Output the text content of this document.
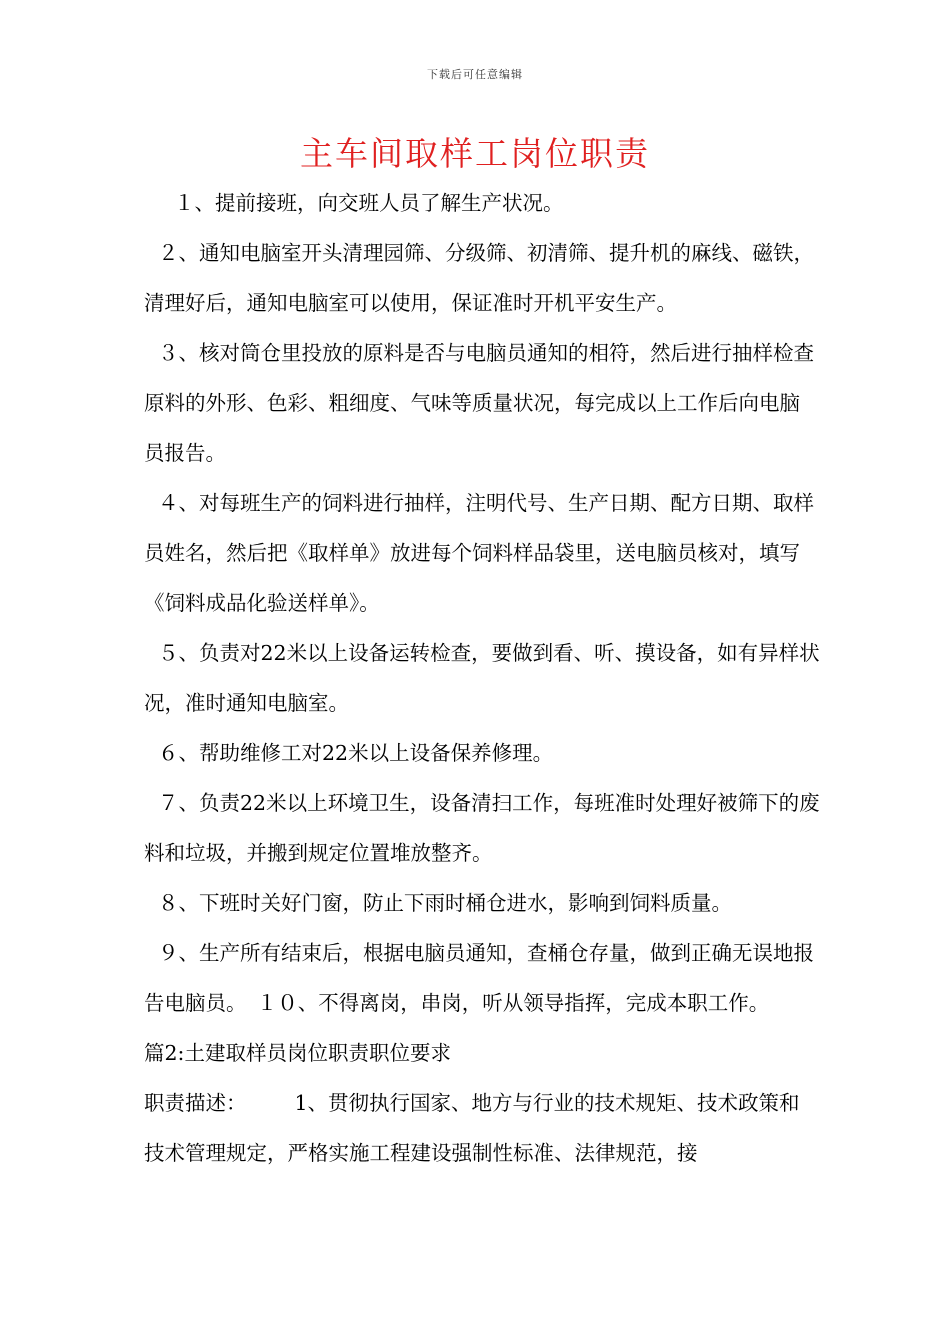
下载后可任意编辑
主车间取样工岗位职责

１、提前接班，向交班人员了解生产状况。

２、通知电脑室开头清理园筛、分级筛、初清筛、提升机的麻线、磁铁，清理好后，通知电脑室可以使用，保证准时开机平安生产。

３、核对筒仓里投放的原料是否与电脑员通知的相符，然后进行抽样检查原料的外形、色彩、粗细度、气味等质量状况，每完成以上工作后向电脑员报告。

４、对每班生产的饲料进行抽样，注明代号、生产日期、配方日期、取样员姓名，然后把《取样单》放进每个饲料样品袋里，送电脑员核对，填写《饲料成品化验送样单》。

５、负责对22米以上设备运转检查，要做到看、听、摸设备，如有异样状况，准时通知电脑室。

６、帮助维修工对22米以上设备保养修理。

７、负责22米以上环境卫生，设备清扫工作，每班准时处理好被筛下的废料和垃圾，并搬到规定位置堆放整齐。

８、下班时关好门窗，防止下雨时桶仓进水，影响到饲料质量。

９、生产所有结束后，根据电脑员通知，查桶仓存量，做到正确无误地报告电脑员。　１０、不得离岗，串岗，听从领导指挥，完成本职工作。

篇2:土建取样员岗位职责职位要求

职责描述： 1、贯彻执行国家、地方与行业的技术规矩、技术政策和技术管理规定，严格实施工程建设强制性标准、法律规范，接
